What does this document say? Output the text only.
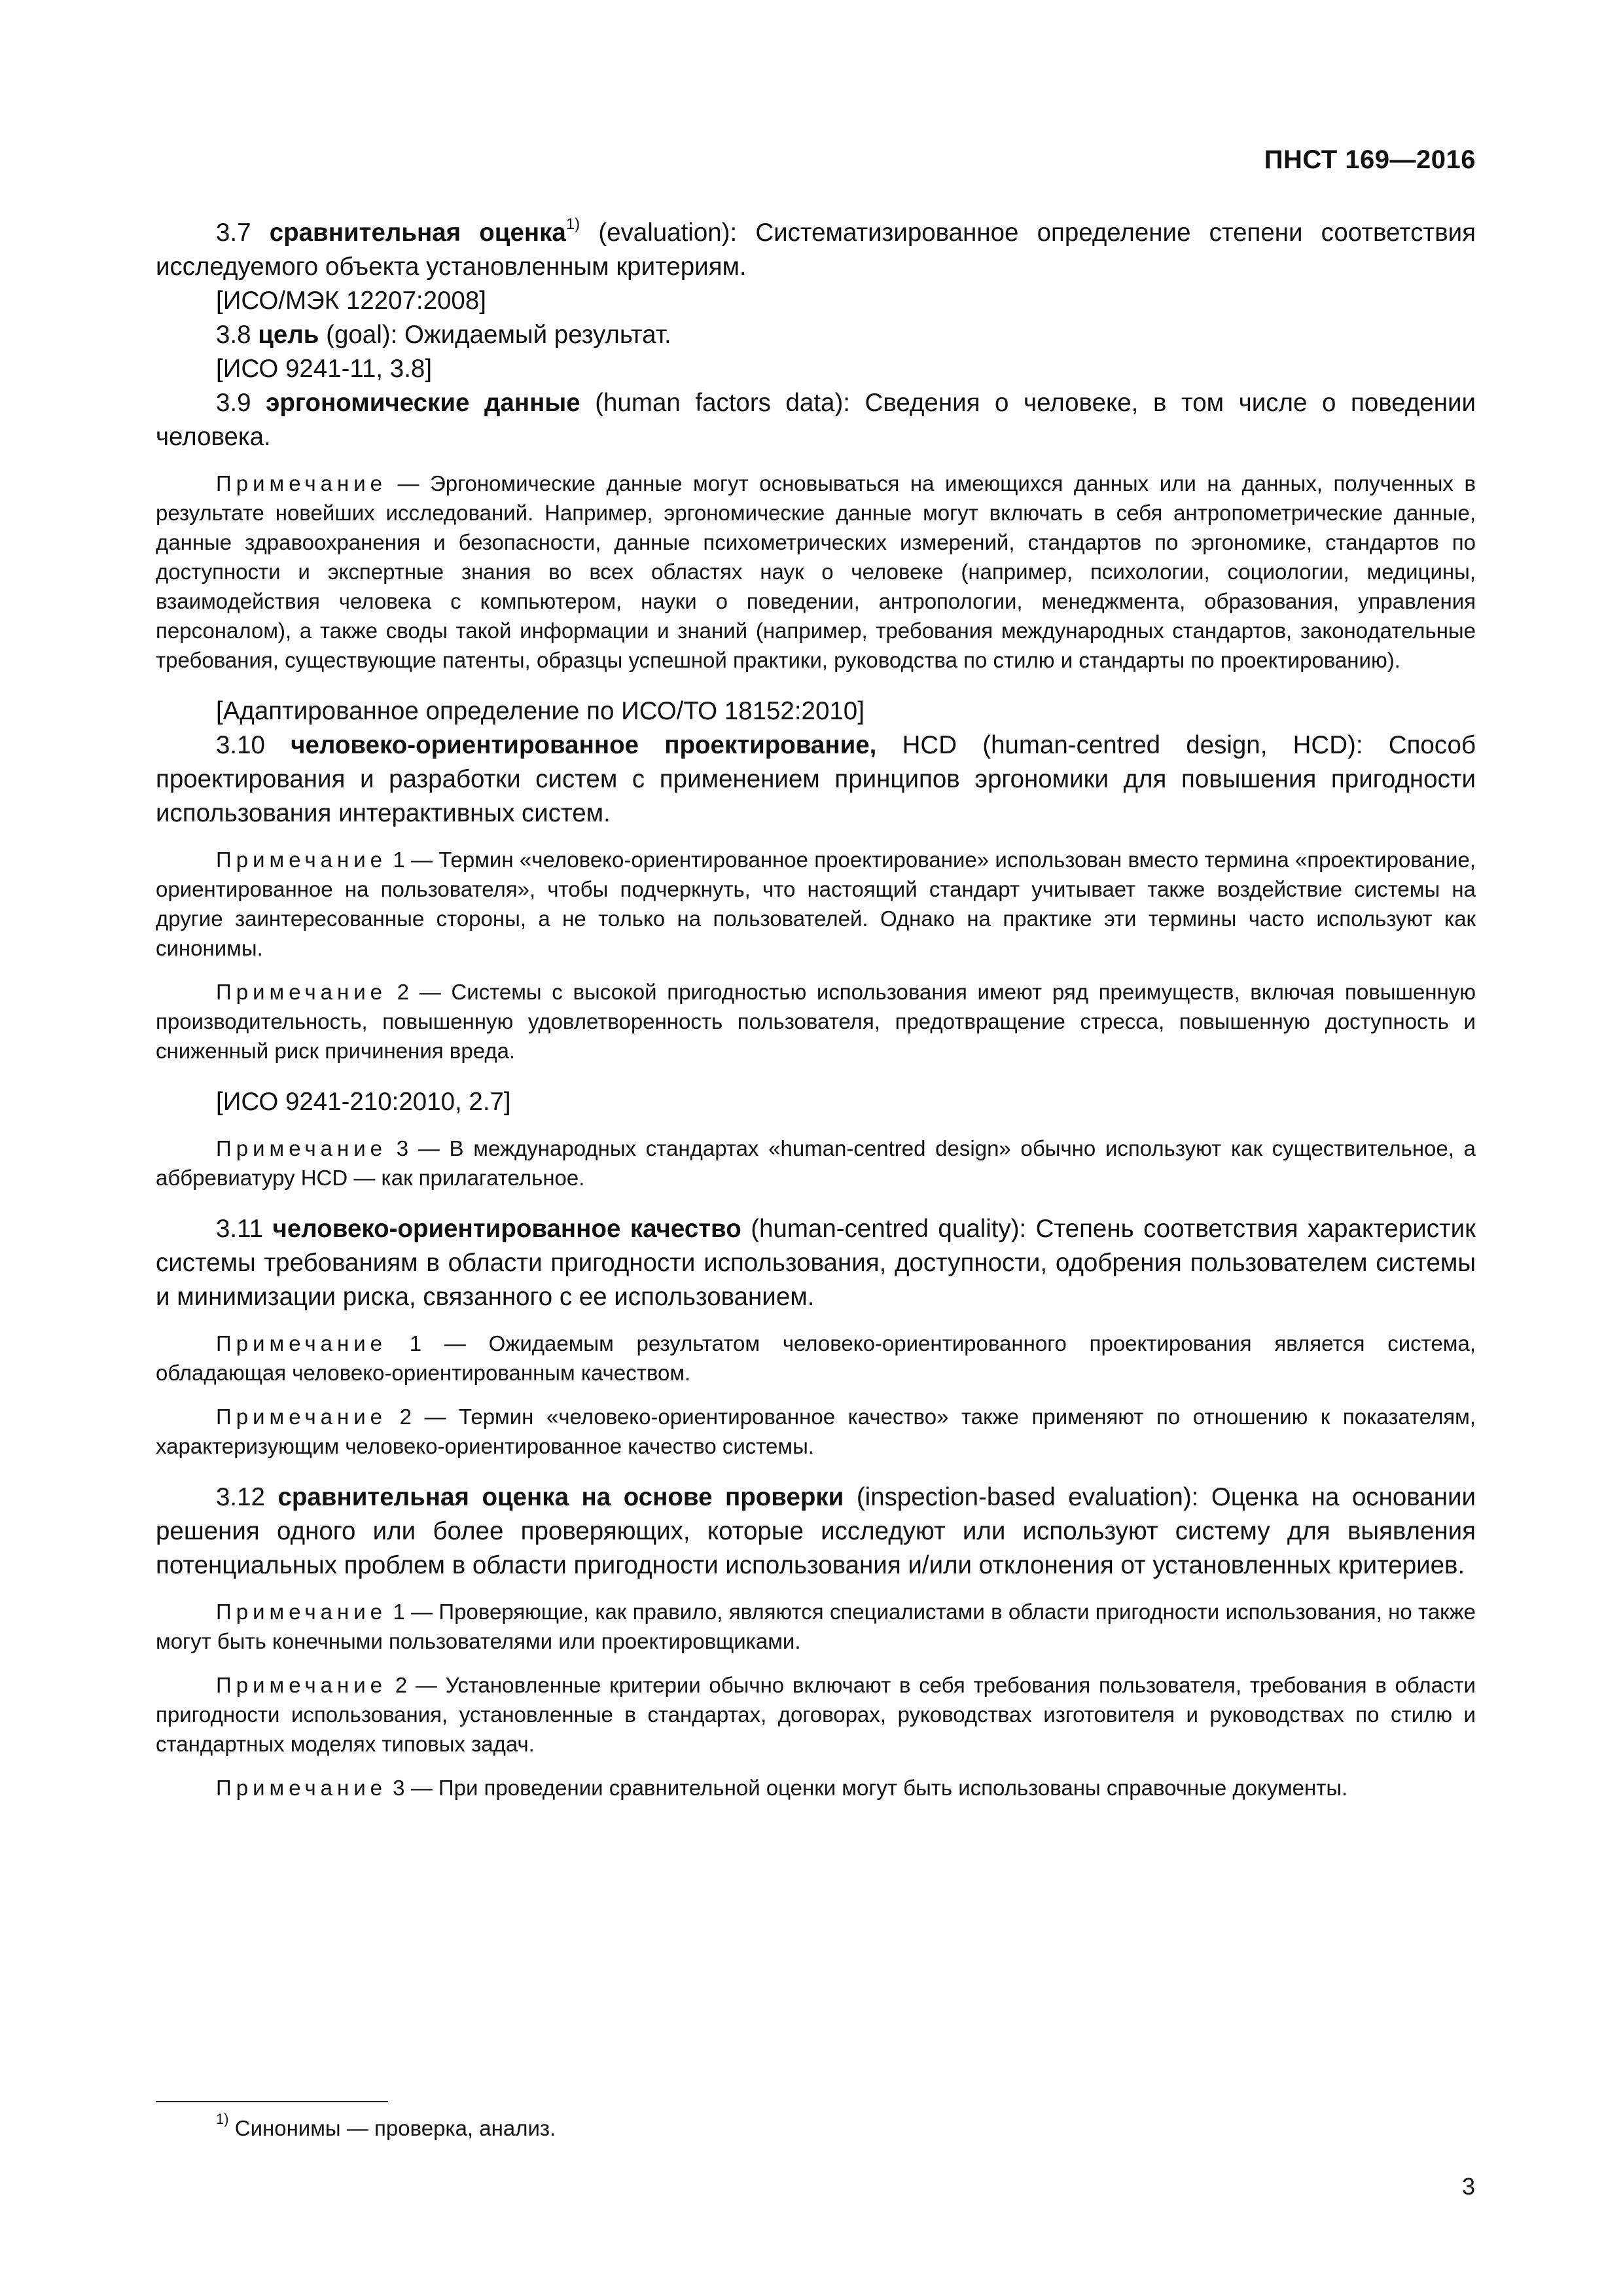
ПНСТ 169—2016

3.7 сравнительная оценка$^{1)}$ (evaluation): Систематизированное определение степени соответствия исследуемого объекта установленным критериям.

[ИСО/МЭК 12207:2008]

3.8 цель (goal): Ожидаемый результат.

[ИСО 9241-11, 3.8]

3.9 эргономические данные (human factors data): Сведения о человеке, в том числе о поведении человека.

Примечание — Эргономические данные могут основываться на имеющихся данных или на данных, полученных в результате новейших исследований. Например, эргономические данные могут включать в себя антропометрические данные, данные здравоохранения и безопасности, данные психометрических измерений, стандартов по эргономике, стандартов по доступности и экспертные знания во всех областях наук о человеке (например, психологии, социологии, медицины, взаимодействия человека с компьютером, науки о поведении, антропологии, менеджмента, образования, управления персоналом), а также своды такой информации и знаний (например, требования международных стандартов, законодательные требования, существующие патенты, образцы успешной практики, руководства по стилю и стандарты по проектированию).

[Адаптированное определение по ИСО/ТО 18152:2010]

3.10 человеко-ориентированное проектирование, HCD (human-centred design, HCD): Способ проектирования и разработки систем с применением принципов эргономики для повышения пригодности использования интерактивных систем.

Примечание 1 — Термин «человеко-ориентированное проектирование» использован вместо термина «проектирование, ориентированное на пользователя», чтобы подчеркнуть, что настоящий стандарт учитывает также воздействие системы на другие заинтересованные стороны, а не только на пользователей. Однако на практике эти термины часто используют как синонимы.

Примечание 2 — Системы с высокой пригодностью использования имеют ряд преимуществ, включая повышенную производительность, повышенную удовлетворенность пользователя, предотвращение стресса, повышенную доступность и сниженный риск причинения вреда.

[ИСО 9241-210:2010, 2.7]

Примечание 3 — В международных стандартах «human-centred design» обычно используют как существительное, а аббревиатуру HCD — как прилагательное.

3.11 человеко-ориентированное качество (human-centred quality): Степень соответствия характеристик системы требованиям в области пригодности использования, доступности, одобрения пользователем системы и минимизации риска, связанного с ее использованием.

Примечание 1 — Ожидаемым результатом человеко-ориентированного проектирования является система, обладающая человеко-ориентированным качеством.

Примечание 2 — Термин «человеко-ориентированное качество» также применяют по отношению к показателям, характеризующим человеко-ориентированное качество системы.

3.12 сравнительная оценка на основе проверки (inspection-based evaluation): Оценка на основании решения одного или более проверяющих, которые исследуют или используют систему для выявления потенциальных проблем в области пригодности использования и/или отклонения от установленных критериев.

Примечание 1 — Проверяющие, как правило, являются специалистами в области пригодности использования, но также могут быть конечными пользователями или проектировщиками.

Примечание 2 — Установленные критерии обычно включают в себя требования пользователя, требования в области пригодности использования, установленные в стандартах, договорах, руководствах изготовителя и руководствах по стилю и стандартных моделях типовых задач.

Примечание 3 — При проведении сравнительной оценки могут быть использованы справочные документы.

$^{1)}$ Синонимы — проверка, анализ.
3
